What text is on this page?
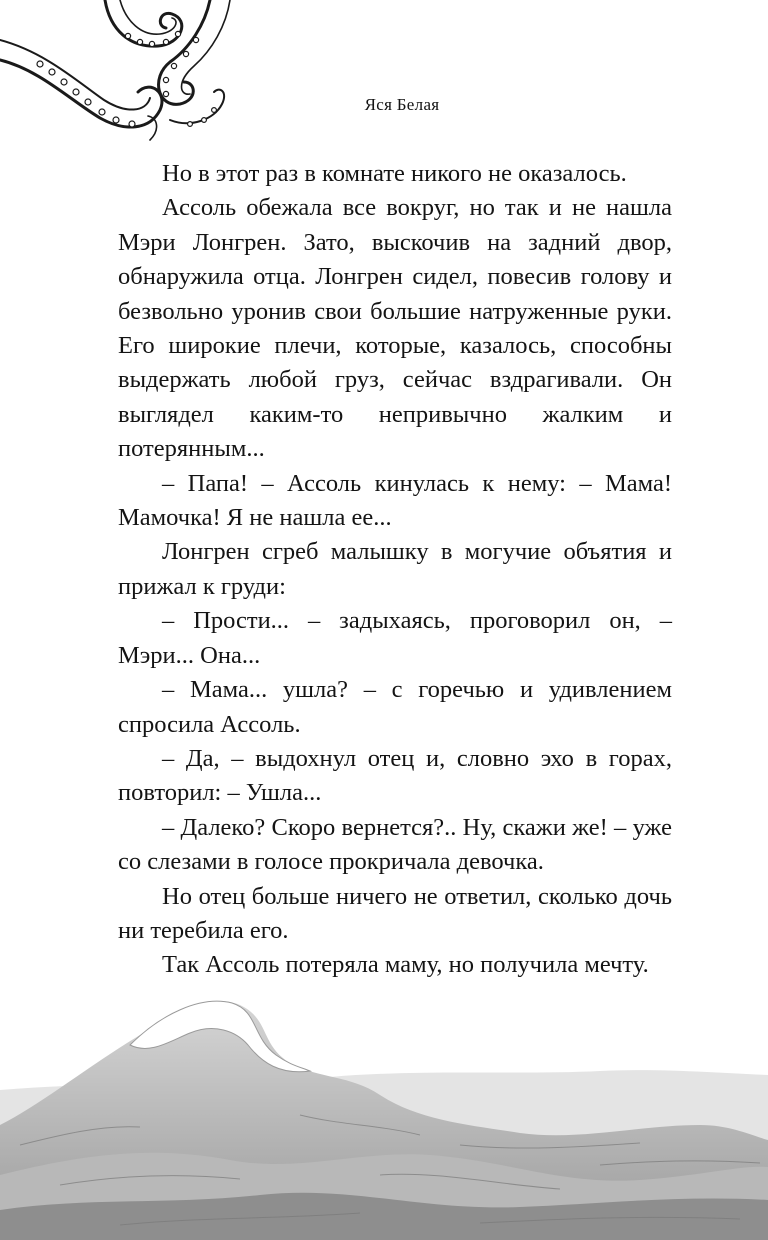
Яся Белая

Но в этот раз в комнате никого не оказалось.

Ассоль обежала все вокруг, но так и не нашла Мэри Лонгрен. Зато, выскочив на задний двор, обнаружила отца. Лонгрен сидел, повесив голову и безвольно уронив свои большие натруженные руки. Его широкие плечи, которые, казалось, способны выдержать любой груз, сейчас вздрагивали. Он выглядел каким-то непривычно жалким и потерянным...

– Папа! – Ассоль кинулась к нему: – Мама! Мамочка! Я не нашла ее...

Лонгрен сгреб малышку в могучие объятия и прижал к груди:

– Прости... – задыхаясь, проговорил он, – Мэри... Она...

– Мама... ушла? – с горечью и удивлением спросила Ассоль.

– Да, – выдохнул отец и, словно эхо в горах, повторил: – Ушла...

– Далеко? Скоро вернется?.. Ну, скажи же! – уже со слезами в голосе прокричала девочка.

Но отец больше ничего не ответил, сколько дочь ни теребила его.

Так Ассоль потеряла маму, но получила мечту.
